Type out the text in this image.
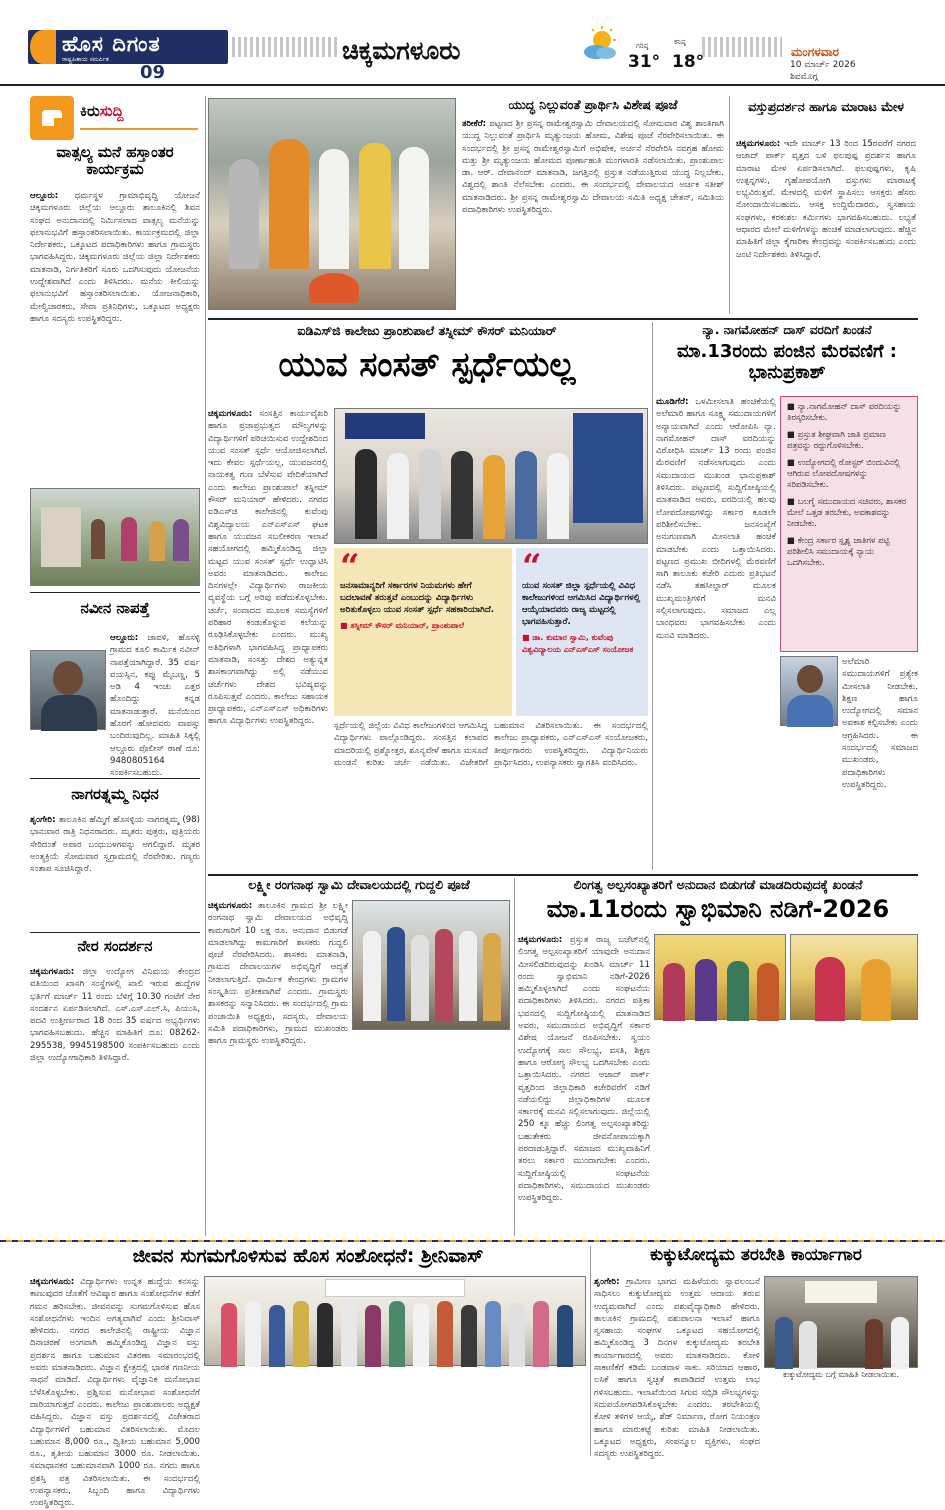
ಹೊಸ ದಿಗಂತ
ರಾಷ್ಟ್ರಹಿತಾಯ ಸಮರ್ಪಿತ
09
ಚಿಕ್ಕಮಗಳೂರು	ಗರಿಷ್ಠ
31°
ಕನಿಷ್ಠ
18°	ಮಂಗಳವಾರ
10 ಮಾರ್ಚ್ 2026
ಶಿವಮೊಗ್ಗ
ಕಿರುಸುದ್ದಿ
ವಾತ್ಸಲ್ಯ ಮನೆ ಹಸ್ತಾಂತರ ಕಾರ್ಯಕ್ರಮ
ಆಲ್ದೂರು: ಧರ್ಮಸ್ಥಳ ಗ್ರಾಮಾಭಿವೃದ್ಧಿ ಯೋಜನೆ ಚಿಕ್ಕಮಗಳೂರು ಜಿಲ್ಲೆಯ ಆಲ್ದೂರು ತಾಲೂಕಿನಲ್ಲಿ ಶಿವನ ಸಂಘದ ಅನುದಾನದಲ್ಲಿ ನಿರ್ಮಿಸಲಾದ ವಾತ್ಸಲ್ಯ ಮನೆಯನ್ನು ಫಲಾನುಭವಿಗೆ ಹಸ್ತಾಂತರಿಸಲಾಯಿತು. ಕಾರ್ಯಕ್ರಮದಲ್ಲಿ ಜಿಲ್ಲಾ ನಿರ್ದೇಶಕರು, ಒಕ್ಕೂಟದ ಪದಾಧಿಕಾರಿಗಳು ಹಾಗೂ ಗ್ರಾಮಸ್ಥರು ಭಾಗವಹಿಸಿದ್ದರು. ಚಿಕ್ಕಮಗಳೂರು ಜಿಲ್ಲೆಯ ಜಿಲ್ಲಾ ನಿರ್ದೇಶಕರು ಮಾತನಾಡಿ, ನಿರ್ಗತಿಕರಿಗೆ ಸೂರು ಒದಗಿಸುವುದು ಯೋಜನೆಯ ಉದ್ದೇಶವಾಗಿದೆ ಎಂದು ತಿಳಿಸಿದರು. ಮನೆಯ ಕೀಲಿಯನ್ನು ಫಲಾನುಭವಿಗೆ ಹಸ್ತಾಂತರಿಸಲಾಯಿತು. ಯೋಜನಾಧಿಕಾರಿ, ಮೇಲ್ವಿಚಾರಕರು, ಸೇವಾ ಪ್ರತಿನಿಧಿಗಳು, ಒಕ್ಕೂಟದ ಅಧ್ಯಕ್ಷರು ಹಾಗೂ ಸದಸ್ಯರು ಉಪಸ್ಥಿತರಿದ್ದರು.
ನವೀನ ನಾಪತ್ತೆ
ಆಲ್ದೂರು: ಜಾವಳಿ, ಹೊಸಳ್ಳಿ ಗ್ರಾಮದ ಕೂಲಿ ಕಾರ್ಮಿಕ ನವೀನ್ ನಾಪತ್ತೆಯಾಗಿದ್ದಾರೆ. 35 ವರ್ಷ ವಯಸ್ಸಿನ, ಕಪ್ಪು ಮೈಬಣ್ಣ, 5 ಅಡಿ 4 ಇಂಚು ಎತ್ತರ ಹೊಂದಿದ್ದು ಕನ್ನಡ ಮಾತನಾಡುತ್ತಾರೆ. ಮನೆಯಿಂದ ಹೊರಗೆ ಹೋದವರು ವಾಪಸ್ಸು ಬಂದಿರುವುದಿಲ್ಲ. ಮಾಹಿತಿ ಸಿಕ್ಕಲ್ಲಿ ಆಲ್ದೂರು ಪೊಲೀಸ್ ಠಾಣೆ ದೂ: 9480805164 ಸಂಪರ್ಕಿಸಬಹುದು.
ನಾಗರತ್ನಮ್ಮ ನಿಧನ
ಶೃಂಗೇರಿ: ತಾಲೂಕಿನ ಹೆಮ್ಮಿಗೆ ಹೊಸಳ್ಳಿಯ ನಾಗರತ್ನಮ್ಮ (98) ಭಾನುವಾರ ರಾತ್ರಿ ನಿಧನರಾದರು. ಮೃತರು ಪುತ್ರರು, ಪುತ್ರಿಯರು ಸೇರಿದಂತೆ ಅಪಾರ ಬಂಧುಬಳಗವನ್ನು ಅಗಲಿದ್ದಾರೆ. ಮೃತರ ಅಂತ್ಯಕ್ರಿಯೆ ಸೋಮವಾರ ಸ್ವಗ್ರಾಮದಲ್ಲಿ ನೆರವೇರಿತು. ಗಣ್ಯರು ಸಂತಾಪ ಸೂಚಿಸಿದ್ದಾರೆ.
ನೇರ ಸಂದರ್ಶನ
ಚಿಕ್ಕಮಗಳೂರು: ಜಿಲ್ಲಾ ಉದ್ಯೋಗ ವಿನಿಮಯ ಕೇಂದ್ರದ ವತಿಯಿಂದ ಖಾಸಗಿ ಸಂಸ್ಥೆಗಳಲ್ಲಿ ಖಾಲಿ ಇರುವ ಹುದ್ದೆಗಳ ಭರ್ತಿಗೆ ಮಾರ್ಚ್ 11 ರಂದು ಬೆಳಿಗ್ಗೆ 10.30 ಗಂಟೆಗೆ ನೇರ ಸಂದರ್ಶನ ಏರ್ಪಡಿಸಲಾಗಿದೆ. ಎಸ್.ಎಸ್.ಎಲ್.ಸಿ, ಪಿಯುಸಿ, ಪದವಿ ಉತ್ತೀರ್ಣರಾದ 18 ರಿಂದ 35 ವರ್ಷದ ಅಭ್ಯರ್ಥಿಗಳು ಭಾಗವಹಿಸಬಹುದು. ಹೆಚ್ಚಿನ ಮಾಹಿತಿಗೆ ದೂ: 08262-295538, 9945198500 ಸಂಪರ್ಕಿಸಬಹುದು ಎಂದು ಜಿಲ್ಲಾ ಉದ್ಯೋಗಾಧಿಕಾರಿ ತಿಳಿಸಿದ್ದಾರೆ.
ಯುದ್ಧ ನಿಲ್ಲುವಂತೆ ಪ್ರಾರ್ಥಿಸಿ ವಿಶೇಷ ಪೂಜೆ
ತರೀಕೆರೆ: ಪಟ್ಟಣದ ಶ್ರೀ ಪ್ರಸನ್ನ ರಾಮೇಶ್ವರಸ್ವಾಮಿ ದೇವಾಲಯದಲ್ಲಿ ಸೋಮವಾರ ವಿಶ್ವ ಶಾಂತಿಗಾಗಿ ಯುದ್ಧ ನಿಲ್ಲುವಂತೆ ಪ್ರಾರ್ಥಿಸಿ ಮೃತ್ಯುಂಜಯ ಹೋಮ, ವಿಶೇಷ ಪೂಜೆ ನೆರವೇರಿಸಲಾಯಿತು. ಈ ಸಂದರ್ಭದಲ್ಲಿ ಶ್ರೀ ಪ್ರಸನ್ನ ರಾಮೇಶ್ವರಸ್ವಾಮಿಗೆ ಅಭಿಷೇಕ, ಅರ್ಚನೆ ನೆರವೇರಿಸಿ ನವಗ್ರಹ ಹೋಮ ಮತ್ತು ಶ್ರೀ ಮೃತ್ಯುಂಜಯ ಹೋಮದ ಪೂರ್ಣಾಹುತಿ ಮಂಗಳಾರತಿ ನಡೆಸಲಾಯಿತು. ಪ್ರಾಂಶುಪಾಲ ಡಾ. ಆರ್. ದೇವಾನಂದ್ ಮಾತನಾಡಿ, ಜಗತ್ತಿನಲ್ಲಿ ಪ್ರಸ್ತುತ ನಡೆಯುತ್ತಿರುವ ಯುದ್ಧ ನಿಲ್ಲಬೇಕು. ವಿಶ್ವದಲ್ಲಿ ಶಾಂತಿ ನೆಲೆಸಬೇಕು ಎಂದರು. ಈ ಸಂದರ್ಭದಲ್ಲಿ ದೇವಾಲಯದ ಅರ್ಚಕ ಸತೀಶ್ ಮಾತನಾಡಿದರು. ಶ್ರೀ ಪ್ರಸನ್ನ ರಾಮೇಶ್ವರಸ್ವಾಮಿ ದೇವಾಲಯ ಸಮಿತಿ ಅಧ್ಯಕ್ಷ ಚೇತನ್, ಸಮಿತಿಯ ಪದಾಧಿಕಾರಿಗಳು ಉಪಸ್ಥಿತರಿದ್ದರು.
ವಸ್ತುಪ್ರದರ್ಶನ ಹಾಗೂ ಮಾರಾಟ ಮೇಳ
ಚಿಕ್ಕಮಗಳೂರು: ಇದೇ ಮಾರ್ಚ್ 13 ರಿಂದ 15ರವರೆಗೆ ನಗರದ ಆಜಾದ್ ಪಾರ್ಕ್ ವೃತ್ತದ ಬಳಿ ಫಲಪುಷ್ಪ ಪ್ರದರ್ಶನ ಹಾಗೂ ಮಾರಾಟ ಮೇಳ ಏರ್ಪಡಿಸಲಾಗಿದೆ. ಫಲಪುಷ್ಪಗಳು, ಕೃಷಿ ಉತ್ಪನ್ನಗಳು, ಗೃಹೋಪಯೋಗಿ ವಸ್ತುಗಳು ಮಾರಾಟಕ್ಕೆ ಲಭ್ಯವಿರುತ್ತವೆ. ಮೇಳದಲ್ಲಿ ಮಳಿಗೆ ಸ್ಥಾಪಿಸಲು ಆಸಕ್ತರು ಹೆಸರು ನೋಂದಾಯಿಸಬಹುದು. ಆಸಕ್ತ ಉದ್ದಿಮೆದಾರರು, ಸ್ವಸಹಾಯ ಸಂಘಗಳು, ಕರಕುಶಲ ಕರ್ಮಿಗಳು ಭಾಗವಹಿಸಬಹುದು. ಲಭ್ಯತೆ ಆಧಾರದ ಮೇಲೆ ಮಳಿಗೆಗಳನ್ನು ಹಂಚಿಕೆ ಮಾಡಲಾಗುವುದು. ಹೆಚ್ಚಿನ ಮಾಹಿತಿಗೆ ಜಿಲ್ಲಾ ಕೈಗಾರಿಕಾ ಕೇಂದ್ರವನ್ನು ಸಂಪರ್ಕಿಸಬಹುದು ಎಂದು ಜಂಟಿ ನಿರ್ದೇಶಕರು ತಿಳಿಸಿದ್ದಾರೆ.
ಐಡಿಎಸ್‌ಜಿ ಕಾಲೇಜು ಪ್ರಾಂಶುಪಾಲೆ ತಸ್ನೀಮ್ ಕೌಸರ್ ಮನಿಯಾರ್
ಯುವ ಸಂಸತ್ ಸ್ಪರ್ಧೆಯಲ್ಲ
ಚಿಕ್ಕಮಗಳೂರು: ಸಂಸತ್ತಿನ ಕಾರ್ಯವೈಖರಿ ಹಾಗೂ ಪ್ರಜಾಪ್ರಭುತ್ವದ ಮೌಲ್ಯಗಳನ್ನು ವಿದ್ಯಾರ್ಥಿಗಳಿಗೆ ಪರಿಚಯಿಸುವ ಉದ್ದೇಶದಿಂದ ಯುವ ಸಂಸತ್ ಸ್ಪರ್ಧೆ ಆಯೋಜಿಸಲಾಗಿದೆ. ಇದು ಕೇವಲ ಸ್ಪರ್ಧೆಯಲ್ಲ, ಯುವಜನರಲ್ಲಿ ನಾಯಕತ್ವ ಗುಣ ಬೆಳೆಸುವ ವೇದಿಕೆಯಾಗಿದೆ ಎಂದು ಕಾಲೇಜು ಪ್ರಾಂಶುಪಾಲೆ ತಸ್ನೀಮ್ ಕೌಸರ್ ಮನಿಯಾರ್ ಹೇಳಿದರು. ನಗರದ ಐಡಿಎಸ್‌ಜಿ ಕಾಲೇಜಿನಲ್ಲಿ ಕುವೆಂಪು ವಿಶ್ವವಿದ್ಯಾಲಯ ಎನ್‌ಎಸ್‌ಎಸ್ ಘಟಕ ಹಾಗೂ ಯುವಜನ ಸಬಲೀಕರಣ ಇಲಾಖೆ ಸಹಯೋಗದಲ್ಲಿ ಹಮ್ಮಿಕೊಂಡಿದ್ದ ಜಿಲ್ಲಾ ಮಟ್ಟದ ಯುವ ಸಂಸತ್ ಸ್ಪರ್ಧೆ ಉದ್ಘಾಟಿಸಿ ಅವರು ಮಾತನಾಡಿದರು. ಕಾಲೇಜು ದಿನಗಳಲ್ಲೇ ವಿದ್ಯಾರ್ಥಿಗಳು ರಾಜಕೀಯ ವ್ಯವಸ್ಥೆಯ ಬಗ್ಗೆ ಅರಿವು ಪಡೆದುಕೊಳ್ಳಬೇಕು. ಚರ್ಚೆ, ಸಂವಾದದ ಮೂಲಕ ಸಮಸ್ಯೆಗಳಿಗೆ ಪರಿಹಾರ ಕಂಡುಕೊಳ್ಳುವ ಕಲೆಯನ್ನು ರೂಢಿಸಿಕೊಳ್ಳಬೇಕು ಎಂದರು. ಮುಖ್ಯ ಅತಿಥಿಗಳಾಗಿ ಭಾಗವಹಿಸಿದ್ದ ಪ್ರಾಧ್ಯಾಪಕರು ಮಾತನಾಡಿ, ಸಂಸತ್ತು ದೇಶದ ಅತ್ಯುನ್ನತ ಶಾಸಕಾಂಗವಾಗಿದ್ದು ಅಲ್ಲಿ ನಡೆಯುವ ಚರ್ಚೆಗಳು ದೇಶದ ಭವಿಷ್ಯವನ್ನು ರೂಪಿಸುತ್ತವೆ ಎಂದರು. ಕಾಲೇಜು ಸಹಾಯಕ ಪ್ರಾಧ್ಯಾಪಕರು, ಎನ್‌ಎಸ್‌ಎಸ್ ಅಧಿಕಾರಿಗಳು ಹಾಗೂ ವಿದ್ಯಾರ್ಥಿಗಳು ಉಪಸ್ಥಿತರಿದ್ದರು.
“
ಜನಸಾಮಾನ್ಯರಿಗೆ ಸರ್ಕಾರಗಳ ನಿಯಮಗಳು ಹೇಗೆ ಬದಲಾವಣೆ ತರುತ್ತವೆ ಎಂಬುದನ್ನು ವಿದ್ಯಾರ್ಥಿಗಳು ಅರಿತುಕೊಳ್ಳಲು ಯುವ ಸಂಸತ್ ಸ್ಪರ್ಧೆ ಸಹಕಾರಿಯಾಗಿದೆ.
■ ತಸ್ನೀಮ್ ಕೌಸರ್ ಮನಿಯಾರ್, ಪ್ರಾಂಶುಪಾಲೆ
“
ಯುವ ಸಂಸತ್ ಜಿಲ್ಲಾ ಸ್ಪರ್ಧೆಯಲ್ಲಿ ವಿವಿಧ ಕಾಲೇಜುಗಳಿಂದ ಆಗಮಿಸಿದ ವಿದ್ಯಾರ್ಥಿಗಳಲ್ಲಿ ಆಯ್ಕೆಯಾದವರು ರಾಜ್ಯ ಮಟ್ಟದಲ್ಲಿ ಭಾಗವಹಿಸುತ್ತಾರೆ.
■ ಡಾ. ಕುಮಾರ ಸ್ವಾಮಿ, ಕುವೆಂಪು ವಿಶ್ವವಿದ್ಯಾಲಯ ಎನ್‌ಎಸ್‌ಎಸ್ ಸಂಯೋಜಕ
ಸ್ಪರ್ಧೆಯಲ್ಲಿ ಜಿಲ್ಲೆಯ ವಿವಿಧ ಕಾಲೇಜುಗಳಿಂದ ಆಗಮಿಸಿದ್ದ ವಿದ್ಯಾರ್ಥಿಗಳು ಪಾಲ್ಗೊಂಡಿದ್ದರು. ಸಂಸತ್ತಿನ ಕಲಾಪದ ಮಾದರಿಯಲ್ಲಿ ಪ್ರಶ್ನೋತ್ತರ, ಶೂನ್ಯವೇಳೆ ಹಾಗೂ ಮಸೂದೆ ಮಂಡನೆ ಕುರಿತು ಚರ್ಚೆ ನಡೆಯಿತು. ವಿಜೇತರಿಗೆ ಬಹುಮಾನ ವಿತರಿಸಲಾಯಿತು. ಈ ಸಂದರ್ಭದಲ್ಲಿ ಕಾಲೇಜು ಪ್ರಾಧ್ಯಾಪಕರು, ಎನ್‌ಎಸ್‌ಎಸ್ ಸಂಯೋಜಕರು, ತೀರ್ಪುಗಾರರು ಉಪಸ್ಥಿತರಿದ್ದರು. ವಿದ್ಯಾರ್ಥಿನಿಯರು ಪ್ರಾರ್ಥಿಸಿದರು, ಉಪನ್ಯಾಸಕರು ಸ್ವಾಗತಿಸಿ ವಂದಿಸಿದರು.
ನ್ಯಾ. ನಾಗಮೋಹನ್ ದಾಸ್ ವರದಿಗೆ ಖಂಡನೆ
ಮಾ.13ರಂದು ಪಂಜಿನ ಮೆರವಣಿಗೆ : ಭಾನುಪ್ರಕಾಶ್
ಮೂಡಿಗೆರೆ: ಒಳಮೀಸಲಾತಿ ಹಂಚಿಕೆಯಲ್ಲಿ ಅಲೆಮಾರಿ ಹಾಗೂ ಸೂಕ್ಷ್ಮ ಸಮುದಾಯಗಳಿಗೆ ಅನ್ಯಾಯವಾಗಿದೆ ಎಂದು ಆರೋಪಿಸಿ ನ್ಯಾ. ನಾಗಮೋಹನ್ ದಾಸ್ ವರದಿಯನ್ನು ವಿರೋಧಿಸಿ ಮಾರ್ಚ್ 13 ರಂದು ಪಂಜಿನ ಮೆರವಣಿಗೆ ನಡೆಸಲಾಗುವುದು ಎಂದು ಸಮುದಾಯದ ಮುಖಂಡ ಭಾನುಪ್ರಕಾಶ್ ತಿಳಿಸಿದರು. ಪಟ್ಟಣದಲ್ಲಿ ಸುದ್ದಿಗೋಷ್ಠಿಯಲ್ಲಿ ಮಾತನಾಡಿದ ಅವರು, ವರದಿಯಲ್ಲಿ ಹಲವು ಲೋಪದೋಷಗಳಿದ್ದು ಸರ್ಕಾರ ಕೂಡಲೇ ಪರಿಶೀಲಿಸಬೇಕು. ಜನಸಂಖ್ಯೆಗೆ ಅನುಗುಣವಾಗಿ ಮೀಸಲಾತಿ ಹಂಚಿಕೆ ಮಾಡಬೇಕು ಎಂದು ಒತ್ತಾಯಿಸಿದರು. ಪಟ್ಟಣದ ಪ್ರಮುಖ ಬೀದಿಗಳಲ್ಲಿ ಮೆರವಣಿಗೆ ಸಾಗಿ ತಾಲೂಕು ಕಚೇರಿ ಎದುರು ಪ್ರತಿಭಟನೆ ನಡೆಸಿ ತಹಸೀಲ್ದಾರ್ ಮೂಲಕ ಮುಖ್ಯಮಂತ್ರಿಗಳಿಗೆ ಮನವಿ ಸಲ್ಲಿಸಲಾಗುವುದು. ಸಮಾಜದ ಎಲ್ಲ ಬಾಂಧವರು ಭಾಗವಹಿಸಬೇಕು ಎಂದು ಮನವಿ ಮಾಡಿದರು.
■ ನ್ಯಾ.ನಾಗಮೋಹನ್ ದಾಸ್ ವರದಿಯನ್ನು ತಿರಸ್ಕರಿಸಬೇಕು.
■ ಪ್ರಸ್ತುತ ಶೀಘ್ರವಾಗಿ ಜಾತಿ ಪ್ರಮಾಣ ಪತ್ರವನ್ನು ರದ್ದುಗೊಳಿಸಬೇಕು.
■ ಉದ್ಯೋಗದಲ್ಲಿ ರೋಸ್ಟರ್ ಬಿಂದುವಿನಲ್ಲಿ ಆಗಿರುವ ಲೋಪದೋಷಗಳನ್ನು ಸರಿಪಡಿಸಬೇಕು.
■ ಬಲಗೈ ಸಮುದಾಯದ ಸಚಿವರು, ಶಾಸಕರ ಮೇಲೆ ಒತ್ತಡ ತರಬೇಕು, ಅವಕಾಶವನ್ನು ನೀಡಬೇಕು.
■ ಕೇಂದ್ರ ಸರ್ಕಾರ ಸ್ಪೃಶ್ಯ ಜಾತಿಗಳ ಪಟ್ಟಿ ಪರಿಶೀಲಿಸಿ ಸಮುದಾಯಕ್ಕೆ ನ್ಯಾಯ ಒದಗಿಸಬೇಕು.
ಅಲೆಮಾರಿ ಸಮುದಾಯಗಳಿಗೆ ಪ್ರತ್ಯೇಕ ಮೀಸಲಾತಿ ನೀಡಬೇಕು. ಶಿಕ್ಷಣ ಹಾಗೂ ಉದ್ಯೋಗದಲ್ಲಿ ಸಮಾನ ಅವಕಾಶ ಕಲ್ಪಿಸಬೇಕು ಎಂದು ಆಗ್ರಹಿಸಿದರು. ಈ ಸಂದರ್ಭದಲ್ಲಿ ಸಮಾಜದ ಮುಖಂಡರು, ಪದಾಧಿಕಾರಿಗಳು ಉಪಸ್ಥಿತರಿದ್ದರು.
ಲಕ್ಷ್ಮೀ ರಂಗನಾಥ ಸ್ವಾಮಿ ದೇವಾಲಯದಲ್ಲಿ ಗುದ್ದಲಿ ಪೂಜೆ
ಚಿಕ್ಕಮಗಳೂರು: ತಾಲೂಕಿನ ಗ್ರಾಮದ ಶ್ರೀ ಲಕ್ಷ್ಮೀ ರಂಗನಾಥ ಸ್ವಾಮಿ ದೇವಾಲಯದ ಅಭಿವೃದ್ಧಿ ಕಾಮಗಾರಿಗೆ 10 ಲಕ್ಷ ರೂ. ಅನುದಾನ ಬಿಡುಗಡೆ ಮಾಡಲಾಗಿದ್ದು ಕಾಮಗಾರಿಗೆ ಶಾಸಕರು ಗುದ್ದಲಿ ಪೂಜೆ ನೆರವೇರಿಸಿದರು. ಶಾಸಕರು ಮಾತನಾಡಿ, ಗ್ರಾಮದ ದೇವಾಲಯಗಳ ಅಭಿವೃದ್ಧಿಗೆ ಆದ್ಯತೆ ನೀಡಲಾಗುತ್ತಿದೆ. ಧಾರ್ಮಿಕ ಕೇಂದ್ರಗಳು ಗ್ರಾಮಗಳ ಸಂಸ್ಕೃತಿಯ ಪ್ರತೀಕವಾಗಿವೆ ಎಂದರು. ಗ್ರಾಮಸ್ಥರು ಶಾಸಕರನ್ನು ಸನ್ಮಾನಿಸಿದರು. ಈ ಸಂದರ್ಭದಲ್ಲಿ ಗ್ರಾಮ ಪಂಚಾಯಿತಿ ಅಧ್ಯಕ್ಷರು, ಸದಸ್ಯರು, ದೇವಾಲಯ ಸಮಿತಿ ಪದಾಧಿಕಾರಿಗಳು, ಗ್ರಾಮದ ಮುಖಂಡರು ಹಾಗೂ ಗ್ರಾಮಸ್ಥರು ಉಪಸ್ಥಿತರಿದ್ದರು.
ಲಿಂಗತ್ವ ಅಲ್ಪಸಂಖ್ಯಾತರಿಗೆ ಅನುದಾನ ಬಿಡುಗಡೆ ಮಾಡದಿರುವುದಕ್ಕೆ ಖಂಡನೆ
ಮಾ.11ರಂದು ಸ್ವಾಭಿಮಾನಿ ನಡಿಗೆ-2026
ಚಿಕ್ಕಮಗಳೂರು: ಪ್ರಸ್ತುತ ರಾಜ್ಯ ಬಜೆಟ್‌ನಲ್ಲಿ ಲಿಂಗತ್ವ ಅಲ್ಪಸಂಖ್ಯಾತರಿಗೆ ಯಾವುದೇ ಅನುದಾನ ಮೀಸಲಿಡದಿರುವುದನ್ನು ಖಂಡಿಸಿ ಮಾರ್ಚ್ 11 ರಂದು ಸ್ವಾಭಿಮಾನಿ ನಡಿಗೆ-2026 ಹಮ್ಮಿಕೊಳ್ಳಲಾಗಿದೆ ಎಂದು ಸಂಘಟನೆಯ ಪದಾಧಿಕಾರಿಗಳು ತಿಳಿಸಿದರು. ನಗರದ ಪತ್ರಿಕಾ ಭವನದಲ್ಲಿ ಸುದ್ದಿಗೋಷ್ಠಿಯಲ್ಲಿ ಮಾತನಾಡಿದ ಅವರು, ಸಮುದಾಯದ ಅಭಿವೃದ್ಧಿಗೆ ಸರ್ಕಾರ ವಿಶೇಷ ಯೋಜನೆ ರೂಪಿಸಬೇಕು. ಸ್ವಯಂ ಉದ್ಯೋಗಕ್ಕೆ ಸಾಲ ಸೌಲಭ್ಯ, ವಸತಿ, ಶಿಕ್ಷಣ ಹಾಗೂ ಆರೋಗ್ಯ ಸೌಲಭ್ಯ ಒದಗಿಸಬೇಕು ಎಂದು ಒತ್ತಾಯಿಸಿದರು. ನಗರದ ಆಜಾದ್ ಪಾರ್ಕ್ ವೃತ್ತದಿಂದ ಜಿಲ್ಲಾಧಿಕಾರಿ ಕಚೇರಿವರೆಗೆ ನಡಿಗೆ ನಡೆಯಲಿದ್ದು ಜಿಲ್ಲಾಧಿಕಾರಿಗಳ ಮೂಲಕ ಸರ್ಕಾರಕ್ಕೆ ಮನವಿ ಸಲ್ಲಿಸಲಾಗುವುದು. ಜಿಲ್ಲೆಯಲ್ಲಿ 250 ಕ್ಕೂ ಹೆಚ್ಚು ಲಿಂಗತ್ವ ಅಲ್ಪಸಂಖ್ಯಾತರಿದ್ದು ಬಹುತೇಕರು ಜೀವನೋಪಾಯಕ್ಕಾಗಿ ಪರದಾಡುತ್ತಿದ್ದಾರೆ. ಸಮಾಜದ ಮುಖ್ಯವಾಹಿನಿಗೆ ತರಲು ಸರ್ಕಾರ ಮುಂದಾಗಬೇಕು ಎಂದರು. ಸುದ್ದಿಗೋಷ್ಠಿಯಲ್ಲಿ ಸಂಘಟನೆಯ ಪದಾಧಿಕಾರಿಗಳು, ಸಮುದಾಯದ ಮುಖಂಡರು ಉಪಸ್ಥಿತರಿದ್ದರು.
ಜೀವನ ಸುಗಮಗೊಳಿಸುವ ಹೊಸ ಸಂಶೋಧನೆ: ಶ್ರೀನಿವಾಸ್
ಚಿಕ್ಕಮಗಳೂರು: ವಿದ್ಯಾರ್ಥಿಗಳು ಉನ್ನತ ಹುದ್ದೆಯ ಕನಸನ್ನು ಕಾಣುವುದರ ಜೊತೆಗೆ ಆವಿಷ್ಕಾರ ಹಾಗೂ ಸಂಶೋಧನೆಗಳ ಕಡೆಗೆ ಗಮನ ಹರಿಸಬೇಕು. ಜೀವನವನ್ನು ಸುಗಮಗೊಳಿಸುವ ಹೊಸ ಸಂಶೋಧನೆಗಳು ಇಂದಿನ ಅಗತ್ಯವಾಗಿವೆ ಎಂದು ಶ್ರೀನಿವಾಸ್ ಹೇಳಿದರು. ನಗರದ ಕಾಲೇಜಿನಲ್ಲಿ ರಾಷ್ಟ್ರೀಯ ವಿಜ್ಞಾನ ದಿನಾಚರಣೆ ಅಂಗವಾಗಿ ಹಮ್ಮಿಕೊಂಡಿದ್ದ ವಿಜ್ಞಾನ ವಸ್ತು ಪ್ರದರ್ಶನ ಹಾಗೂ ಬಹುಮಾನ ವಿತರಣಾ ಸಮಾರಂಭದಲ್ಲಿ ಅವರು ಮಾತನಾಡಿದರು. ವಿಜ್ಞಾನ ಕ್ಷೇತ್ರದಲ್ಲಿ ಭಾರತ ಗಣನೀಯ ಸಾಧನೆ ಮಾಡಿದೆ. ವಿದ್ಯಾರ್ಥಿಗಳು ವೈಜ್ಞಾನಿಕ ಮನೋಭಾವ ಬೆಳೆಸಿಕೊಳ್ಳಬೇಕು. ಪ್ರಶ್ನಿಸುವ ಮನೋಭಾವ ಸಂಶೋಧನೆಗೆ ದಾರಿಯಾಗುತ್ತದೆ ಎಂದರು. ಕಾಲೇಜು ಪ್ರಾಂಶುಪಾಲರು ಅಧ್ಯಕ್ಷತೆ ವಹಿಸಿದ್ದರು. ವಿಜ್ಞಾನ ವಸ್ತು ಪ್ರದರ್ಶನದಲ್ಲಿ ವಿಜೇತರಾದ ವಿದ್ಯಾರ್ಥಿಗಳಿಗೆ ಬಹುಮಾನ ವಿತರಿಸಲಾಯಿತು. ಮೊದಲ ಬಹುಮಾನ 8,000 ರೂ., ದ್ವಿತೀಯ ಬಹುಮಾನ 5,000 ರೂ., ತೃತೀಯ ಬಹುಮಾನ 3000 ರೂ. ನೀಡಲಾಯಿತು. ಸಮಾಧಾನಕರ ಬಹುಮಾನವಾಗಿ 1000 ರೂ. ನಗದು ಹಾಗೂ ಪ್ರಶಸ್ತಿ ಪತ್ರ ವಿತರಿಸಲಾಯಿತು. ಈ ಸಂದರ್ಭದಲ್ಲಿ ಉಪನ್ಯಾಸಕರು, ಸಿಬ್ಬಂದಿ ಹಾಗೂ ವಿದ್ಯಾರ್ಥಿಗಳು ಉಪಸ್ಥಿತರಿದ್ದರು.
ಕುಕ್ಕುಟೋದ್ಯಮ ತರಬೇತಿ ಕಾರ್ಯಾಗಾರ
ಶೃಂಗೇರಿ: ಗ್ರಾಮೀಣ ಭಾಗದ ಮಹಿಳೆಯರು ಸ್ವಾವಲಂಬನೆ ಸಾಧಿಸಲು ಕುಕ್ಕುಟೋದ್ಯಮ ಉತ್ತಮ ಆದಾಯ ತರುವ ಉದ್ಯಮವಾಗಿದೆ ಎಂದು ಪಶುವೈದ್ಯಾಧಿಕಾರಿ ಹೇಳಿದರು. ತಾಲೂಕಿನ ಗ್ರಾಮದಲ್ಲಿ ಪಶುಪಾಲನಾ ಇಲಾಖೆ ಹಾಗೂ ಸ್ವಸಹಾಯ ಸಂಘಗಳ ಒಕ್ಕೂಟದ ಸಹಯೋಗದಲ್ಲಿ ಹಮ್ಮಿಕೊಂಡಿದ್ದ 3 ದಿನಗಳ ಕುಕ್ಕುಟೋದ್ಯಮ ತರಬೇತಿ ಕಾರ್ಯಾಗಾರದಲ್ಲಿ ಅವರು ಮಾತನಾಡಿದರು. ಕೋಳಿ ಸಾಕಾಣಿಕೆಗೆ ಕಡಿಮೆ ಬಂಡವಾಳ ಸಾಕು. ಸರಿಯಾದ ಆಹಾರ, ಲಸಿಕೆ ಹಾಗೂ ಸ್ವಚ್ಛತೆ ಕಾಪಾಡಿದರೆ ಉತ್ತಮ ಲಾಭ ಗಳಿಸಬಹುದು. ಇಲಾಖೆಯಿಂದ ಸಿಗುವ ಸಬ್ಸಿಡಿ ಸೌಲಭ್ಯಗಳನ್ನು ಸದುಪಯೋಗಪಡಿಸಿಕೊಳ್ಳಬೇಕು ಎಂದರು. ತರಬೇತಿಯಲ್ಲಿ ಕೋಳಿ ತಳಿಗಳ ಆಯ್ಕೆ, ಶೆಡ್ ನಿರ್ಮಾಣ, ರೋಗ ನಿಯಂತ್ರಣ ಹಾಗೂ ಮಾರುಕಟ್ಟೆ ಕುರಿತು ಮಾಹಿತಿ ನೀಡಲಾಯಿತು. ಒಕ್ಕೂಟದ ಅಧ್ಯಕ್ಷರು, ಸಂಪನ್ಮೂಲ ವ್ಯಕ್ತಿಗಳು, ಸಂಘದ ಸದಸ್ಯರು ಉಪಸ್ಥಿತರಿದ್ದರು.
ಕುಕ್ಕುಟೋದ್ಯಮ ಬಗ್ಗೆ ಮಾಹಿತಿ ನೀಡಲಾಯಿತು.
